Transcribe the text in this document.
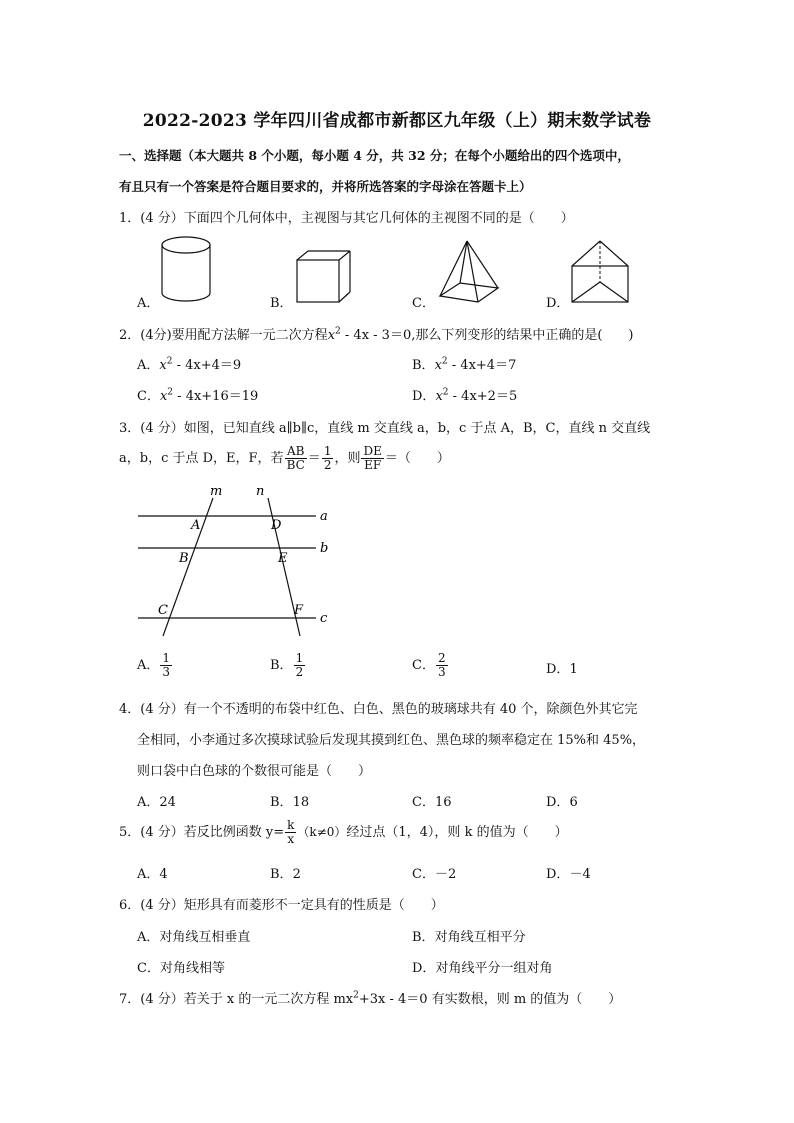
2022-2023 学年四川省成都市新都区九年级（上）期末数学试卷
一、选择题（本大题共 8 个小题，每小题 4 分，共 32 分；在每个小题给出的四个选项中，
有且只有一个答案是符合题目要求的，并将所选答案的字母涂在答题卡上）
1．(4 分）下面四个几何体中，主视图与其它几何体的主视图不同的是（　　）
A．	B．	C．	D．
2．(4分)要用配方法解一元二次方程$x^2 - 4x - 3=0$,那么下列变形的结果中正确的是(　　)
A．$x^2 - 4x+4=9$	B．$x^2 - 4x+4=7$
C．$x^2 - 4x+16=19$	D．$x^2 - 4x+2=5$
3．(4 分）如图，已知直线 a∥b∥c，直线 m 交直线 a，b，c 于点 A，B，C，直线 n 交直线
a，b，c 于点 D，E，F，若 $\frac{AB}{BC} = \frac{1}{2}$ ，则 $\frac{DE}{EF}$ ＝（　　）
m	n
a
b
c
A	D
B	E
C	F
A． $\frac{1}{3}$	B． $\frac{1}{2}$	C． $\frac{2}{3}$	D．1
4．(4 分）有一个不透明的布袋中红色、白色、黑色的玻璃球共有 40 个，除颜色外其它完
全相同，小李通过多次摸球试验后发现其摸到红色、黑色球的频率稳定在 15%和 45%，
则口袋中白色球的个数很可能是（　　）
A．24	B．18	C．16	D．6
5．(4 分）若反比例函数 $y= \frac{k}{x} (k\ne 0)$经过点（1，4），则 k 的值为（　　）
A．4	B．2	C．－2	D．－4
6．(4 分）矩形具有而菱形不一定具有的性质是（　　）
A．对角线互相垂直	B．对角线互相平分
C．对角线相等	D．对角线平分一组对角
7．(4 分）若关于 x 的一元二次方程 $mx^2+3x - 4=0$ 有实数根，则 m 的值为（　　）
